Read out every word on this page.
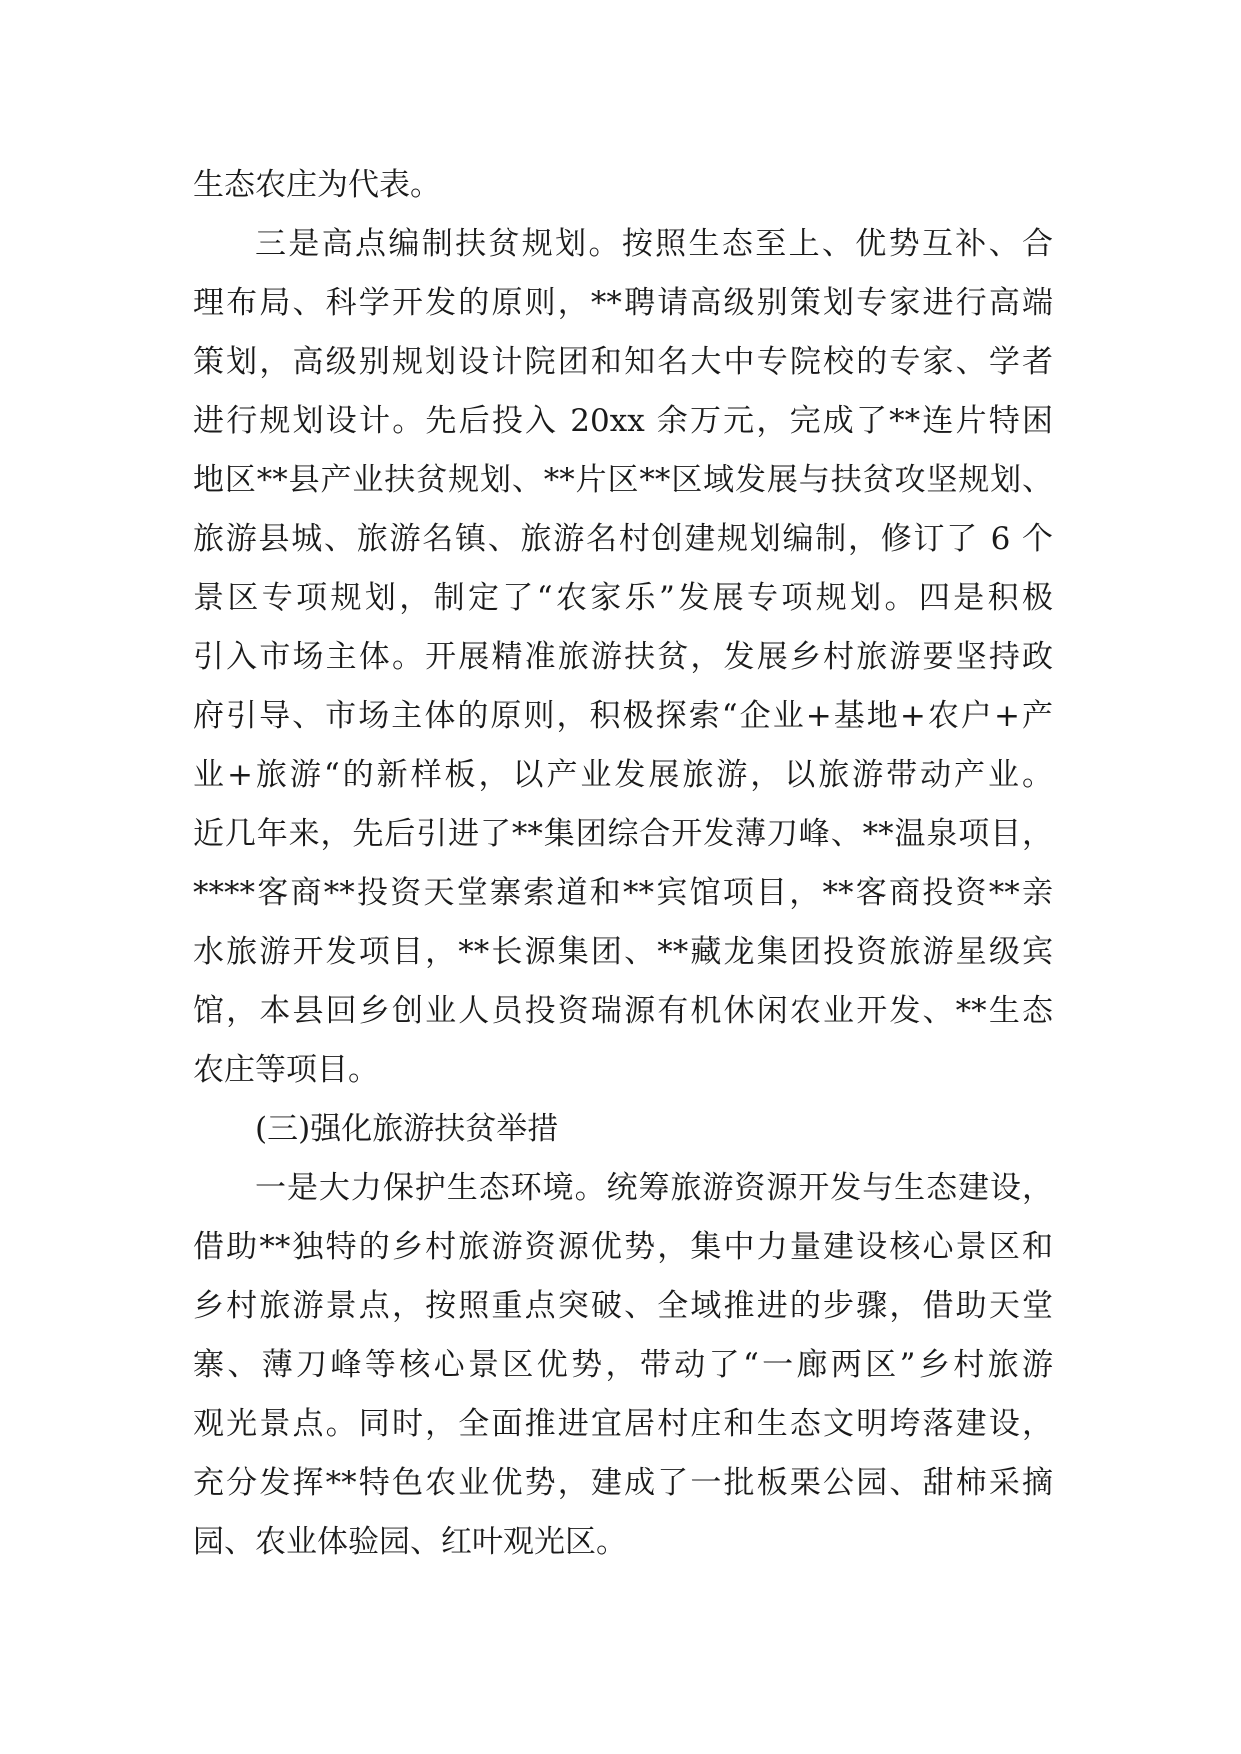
生态农庄为代表。
三是高点编制扶贫规划。按照生态至上、优势互补、合
理布局、科学开发的原则，**聘请高级别策划专家进行高端
策划，高级别规划设计院团和知名大中专院校的专家、学者
进行规划设计。先后投入 20xx 余万元，完成了**连片特困
地区**县产业扶贫规划、**片区**区域发展与扶贫攻坚规划、
旅游县城、旅游名镇、旅游名村创建规划编制，修订了 6 个
景区专项规划，制定了“农家乐”发展专项规划。四是积极
引入市场主体。开展精准旅游扶贫，发展乡村旅游要坚持政
府引导、市场主体的原则，积极探索“企业+基地+农户+产
业+旅游“的新样板，以产业发展旅游，以旅游带动产业。
近几年来，先后引进了**集团综合开发薄刀峰、**温泉项目，
****客商**投资天堂寨索道和**宾馆项目，**客商投资**亲
水旅游开发项目，**长源集团、**藏龙集团投资旅游星级宾
馆，本县回乡创业人员投资瑞源有机休闲农业开发、**生态
农庄等项目。
(三)强化旅游扶贫举措
一是大力保护生态环境。统筹旅游资源开发与生态建设，
借助**独特的乡村旅游资源优势，集中力量建设核心景区和
乡村旅游景点，按照重点突破、全域推进的步骤，借助天堂
寨、薄刀峰等核心景区优势，带动了“一廊两区”乡村旅游
观光景点。同时，全面推进宜居村庄和生态文明垮落建设，
充分发挥**特色农业优势，建成了一批板栗公园、甜柿采摘
园、农业体验园、红叶观光区。
